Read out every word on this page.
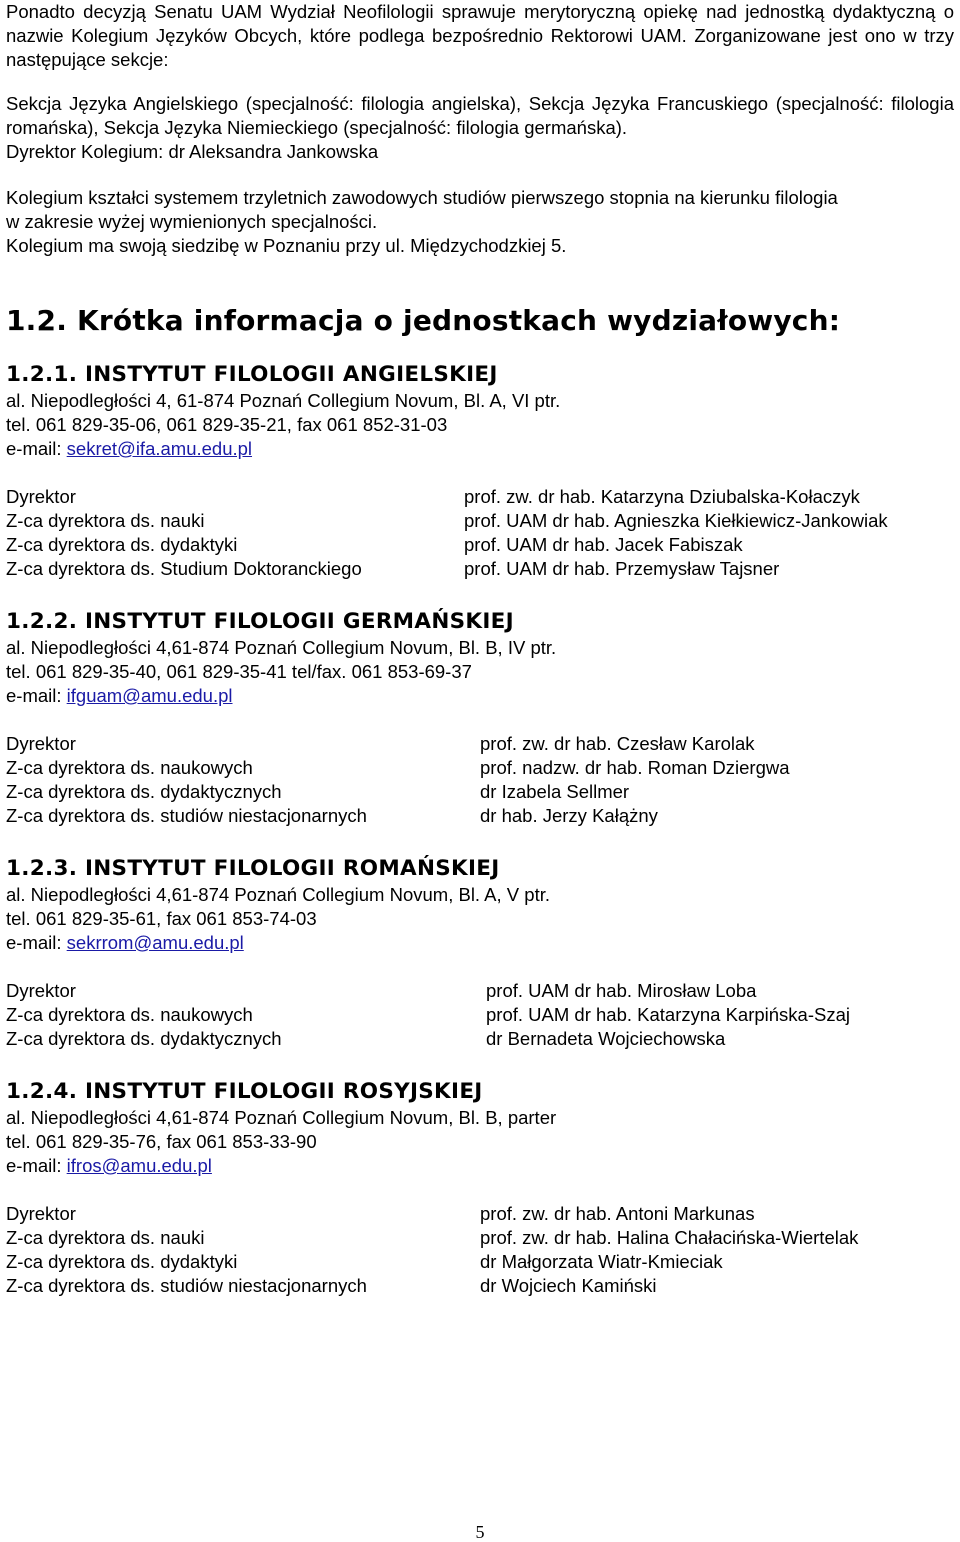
Ponadto decyzją Senatu UAM Wydział Neofilologii sprawuje merytoryczną opiekę nad jednostką dydaktyczną o nazwie Kolegium Języków Obcych, które podlega bezpośrednio Rektorowi UAM. Zorganizowane jest ono w trzy następujące sekcje:

Sekcja Języka Angielskiego (specjalność: filologia angielska), Sekcja Języka Francuskiego (specjalność: filologia romańska), Sekcja Języka Niemieckiego (specjalność: filologia germańska).

Dyrektor Kolegium: dr Aleksandra Jankowska

Kolegium kształci systemem trzyletnich zawodowych studiów pierwszego stopnia na kierunku filologia

w zakresie wyżej wymienionych specjalności.

Kolegium ma swoją siedzibę w Poznaniu przy ul. Międzychodzkiej 5.

1.2. Krótka informacja o jednostkach wydziałowych:

1.2.1. INSTYTUT FILOLOGII ANGIELSKIEJ

al. Niepodległości 4, 61-874 Poznań Collegium Novum, Bl. A, VI ptr.

tel. 061 829-35-06, 061 829-35-21, fax 061 852-31-03

e-mail: sekret@ifa.amu.edu.pl

Dyrektor	prof. zw. dr hab. Katarzyna Dziubalska-Kołaczyk
Z-ca dyrektora ds. nauki	prof. UAM dr hab. Agnieszka Kiełkiewicz-Jankowiak
Z-ca dyrektora ds. dydaktyki	prof. UAM dr hab. Jacek Fabiszak
Z-ca dyrektora ds. Studium Doktoranckiego	prof. UAM dr hab. Przemysław Tajsner

1.2.2. INSTYTUT FILOLOGII GERMAŃSKIEJ

al. Niepodległości 4,61-874 Poznań Collegium Novum, Bl. B, IV ptr.

tel. 061 829-35-40, 061 829-35-41 tel/fax. 061 853-69-37

e-mail: ifguam@amu.edu.pl

Dyrektor	prof. zw. dr hab. Czesław Karolak
Z-ca dyrektora ds. naukowych	prof. nadzw. dr hab. Roman Dziergwa
Z-ca dyrektora ds. dydaktycznych	dr Izabela Sellmer
Z-ca dyrektora ds. studiów niestacjonarnych	dr hab. Jerzy Kałążny

1.2.3. INSTYTUT FILOLOGII ROMAŃSKIEJ

al. Niepodległości 4,61-874 Poznań Collegium Novum, Bl. A, V ptr.

tel. 061 829-35-61, fax 061 853-74-03

e-mail: sekrrom@amu.edu.pl

Dyrektor	prof. UAM dr hab. Mirosław Loba
Z-ca dyrektora ds. naukowych	prof. UAM dr hab. Katarzyna Karpińska-Szaj
Z-ca dyrektora ds. dydaktycznych	dr Bernadeta Wojciechowska

1.2.4. INSTYTUT FILOLOGII ROSYJSKIEJ

al. Niepodległości 4,61-874 Poznań Collegium Novum, Bl. B, parter

tel. 061 829-35-76, fax 061 853-33-90

e-mail: ifros@amu.edu.pl

Dyrektor	prof. zw. dr hab. Antoni Markunas
Z-ca dyrektora ds. nauki	prof. zw. dr hab. Halina Chałacińska-Wiertelak
Z-ca dyrektora ds. dydaktyki	dr Małgorzata Wiatr-Kmieciak
Z-ca dyrektora ds. studiów niestacjonarnych	dr Wojciech Kamiński
5
